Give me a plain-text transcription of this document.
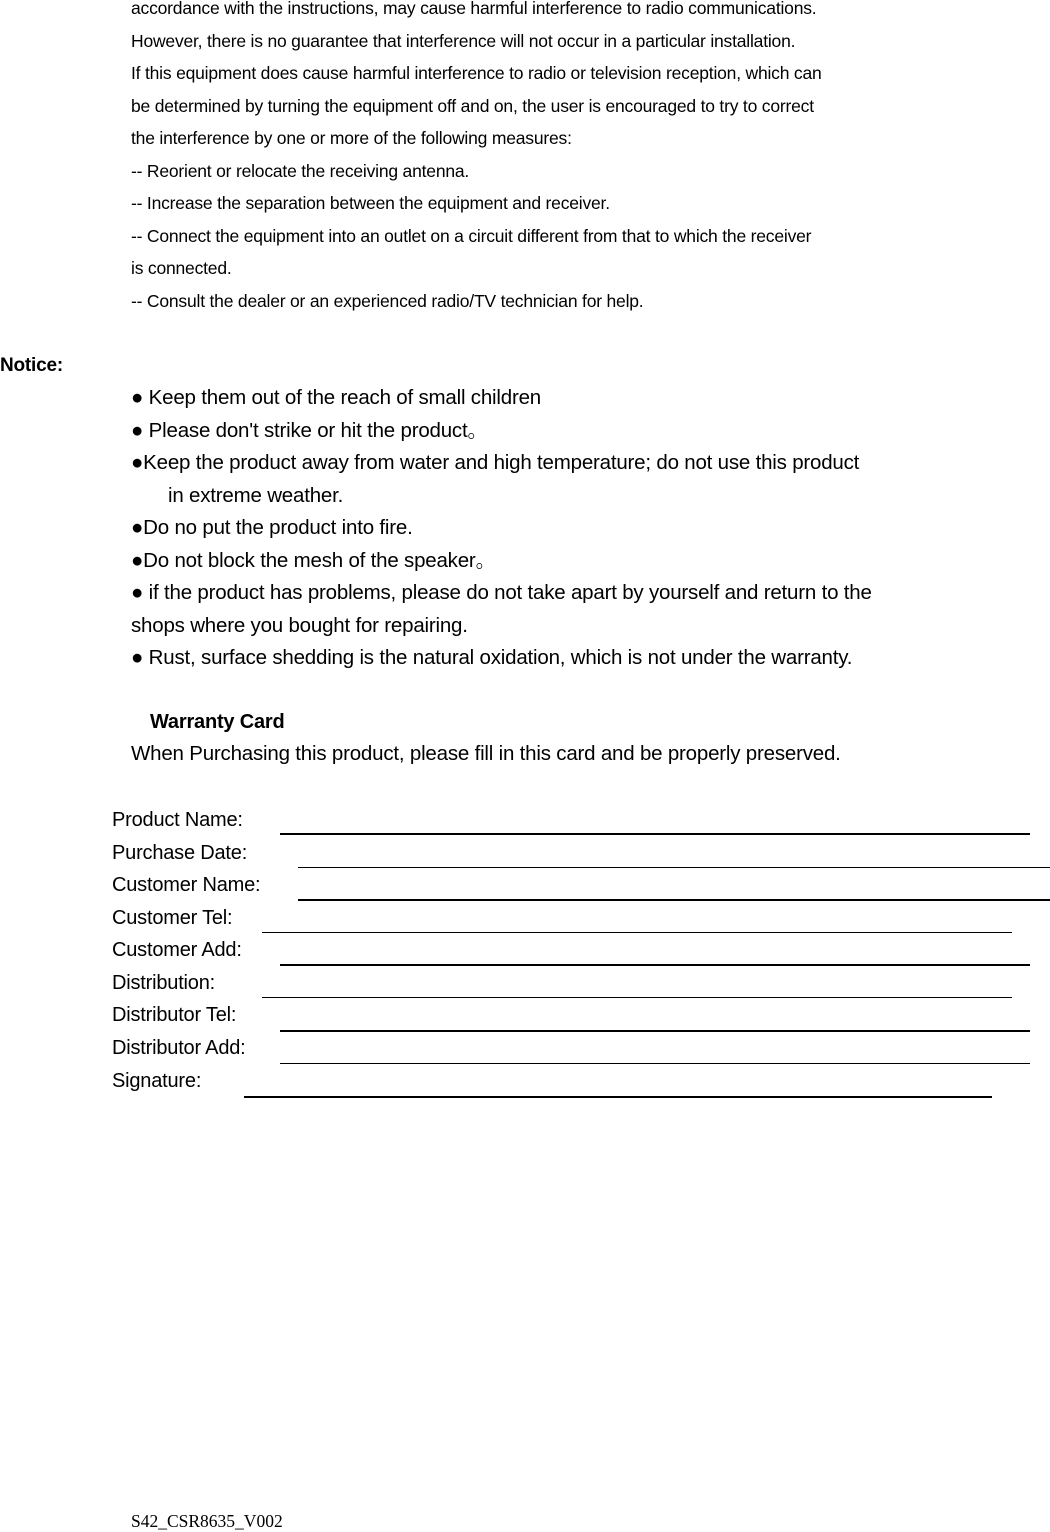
accordance with the instructions, may cause harmful interference to radio communications.
However, there is no guarantee that interference will not occur in a particular installation.
If this equipment does cause harmful interference to radio or television reception, which can
be determined by turning the equipment off and on, the user is encouraged to try to correct
the interference by one or more of the following measures:
-- Reorient or relocate the receiving antenna.
-- Increase the separation between the equipment and receiver.
-- Connect the equipment into an outlet on a circuit different from that to which the receiver
is connected.
-- Consult the dealer or an experienced radio/TV technician for help.
Notice:
● Keep them out of the reach of small children
● Please don't strike or hit the product。
●Keep the product away from water and high temperature; do not use this product
in extreme weather.
●Do no put the product into fire.
●Do not block the mesh of the speaker。
● if the product has problems, please do not take apart by yourself and return to the
shops where you bought for repairing.
● Rust, surface shedding is the natural oxidation, which is not under the warranty.
Warranty Card
When Purchasing this product, please fill in this card and be properly preserved.
Product Name:
Purchase Date:
Customer Name:
Customer Tel:
Customer Add:
Distribution:
Distributor Tel:
Distributor Add:
Signature:
S42_CSR8635_V002
